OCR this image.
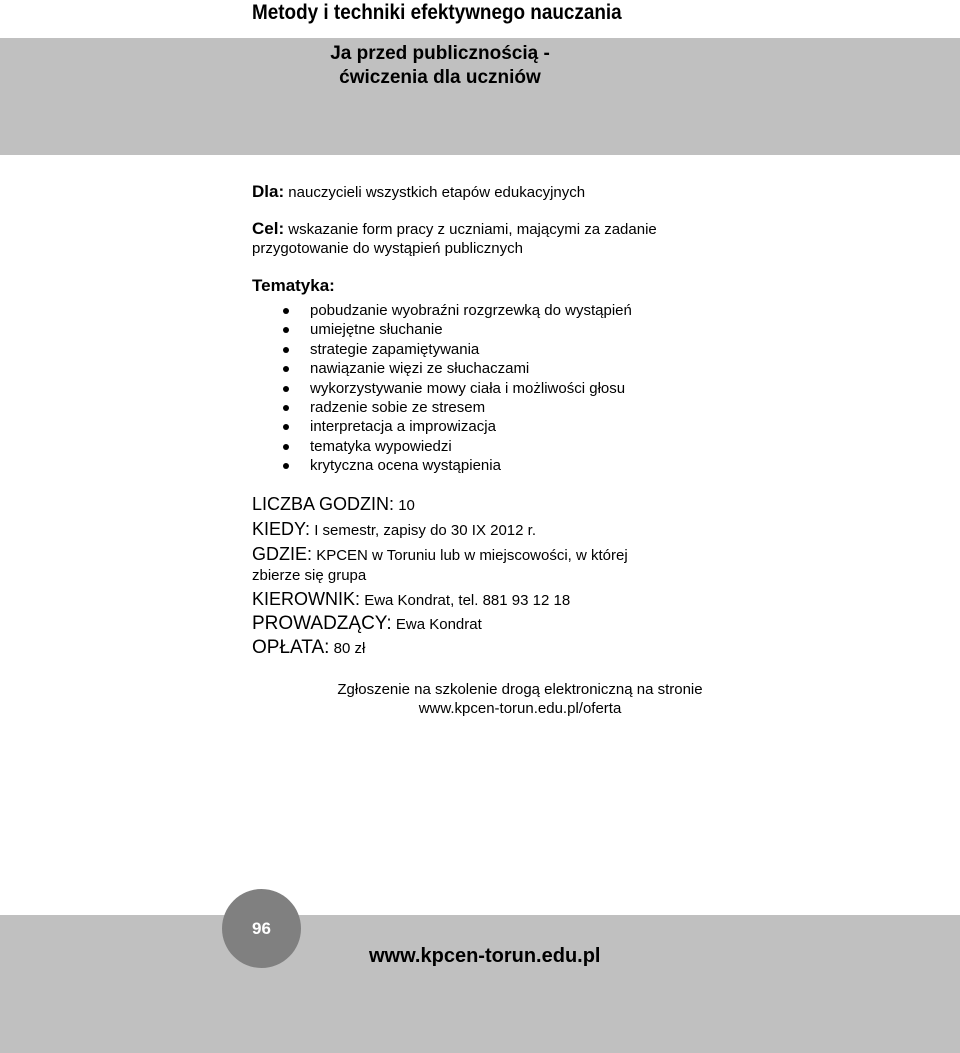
Metody i techniki efektywnego nauczania
Ja przed publicznością -
ćwiczenia dla uczniów
Dla: nauczycieli wszystkich etapów edukacyjnych
Cel: wskazanie form pracy z uczniami, mającymi za zadanie
przygotowanie do wystąpień publicznych
Tematyka:
pobudzanie wyobraźni rozgrzewką do wystąpień
umiejętne słuchanie
strategie zapamiętywania
nawiązanie więzi ze słuchaczami
wykorzystywanie mowy ciała i możliwości głosu
radzenie sobie ze stresem
interpretacja a improwizacja
tematyka wypowiedzi
krytyczna ocena wystąpienia
LICZBA GODZIN: 10
KIEDY: I semestr, zapisy do 30 IX 2012 r.
GDZIE: KPCEN w Toruniu lub w miejscowości, w której
zbierze się grupa
KIEROWNIK: Ewa Kondrat, tel. 881 93 12 18
PROWADZĄCY: Ewa Kondrat
OPŁATA: 80 zł
Zgłoszenie na szkolenie drogą elektroniczną na stronie
www.kpcen-torun.edu.pl/oferta
96
www.kpcen-torun.edu.pl
